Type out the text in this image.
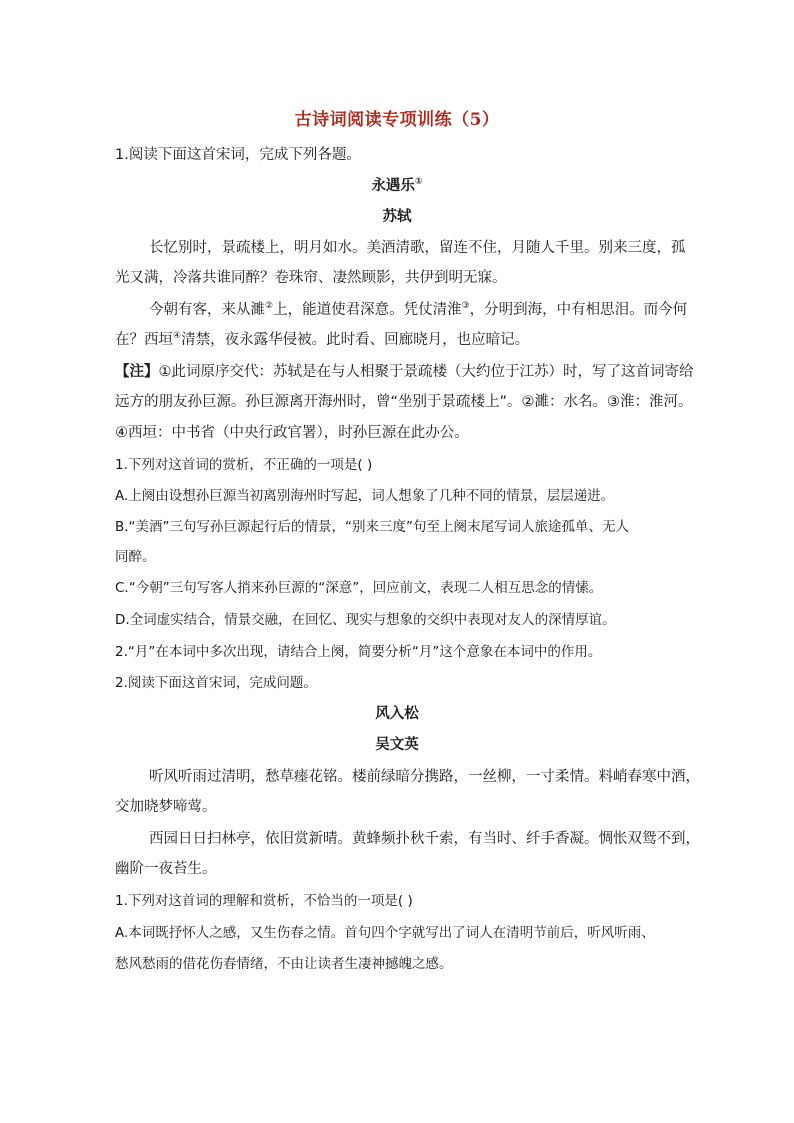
古诗词阅读专项训练（5）
1.阅读下面这首宋词，完成下列各题。
永遇乐①
苏轼
长忆别时，景疏楼上，明月如水。美酒清歌，留连不住，月随人千里。别来三度，孤
光又满，冷落共谁同醉？卷珠帘、凄然顾影，共伊到明无寐。
今朝有客，来从濉②上，能道使君深意。凭仗清淮③，分明到海，中有相思泪。而今何
在？西垣④清禁，夜永露华侵被。此时看、回廊晓月，也应暗记。
【注】①此词原序交代：苏轼是在与人相聚于景疏楼（大约位于江苏）时，写了这首词寄给
远方的朋友孙巨源。孙巨源离开海州时，曾“坐别于景疏楼上”。②濉：水名。③淮：淮河。
④西垣：中书省（中央行政官署），时孙巨源在此办公。
1.下列对这首词的赏析，不正确的一项是( )
A.上阕由设想孙巨源当初离别海州时写起，词人想象了几种不同的情景，层层递进。
B.“美酒”三句写孙巨源起行后的情景，“别来三度”句至上阕末尾写词人旅途孤单、无人
同醉。
C.“今朝”三句写客人捎来孙巨源的“深意”，回应前文，表现二人相互思念的情愫。
D.全词虚实结合，情景交融，在回忆、现实与想象的交织中表现对友人的深情厚谊。
2.“月”在本词中多次出现，请结合上阕，简要分析“月”这个意象在本词中的作用。
2.阅读下面这首宋词，完成问题。
风入松
吴文英
听风听雨过清明，愁草瘗花铭。楼前绿暗分携路，一丝柳，一寸柔情。料峭春寒中酒，
交加晓梦啼莺。
西园日日扫林亭，依旧赏新晴。黄蜂频扑秋千索，有当时、纤手香凝。惆怅双鸳不到，
幽阶一夜苔生。
1.下列对这首词的理解和赏析，不恰当的一项是( )
A.本词既抒怀人之感，又生伤春之情。首句四个字就写出了词人在清明节前后，听风听雨、
愁风愁雨的借花伤春情绪，不由让读者生凄神撼魄之感。
